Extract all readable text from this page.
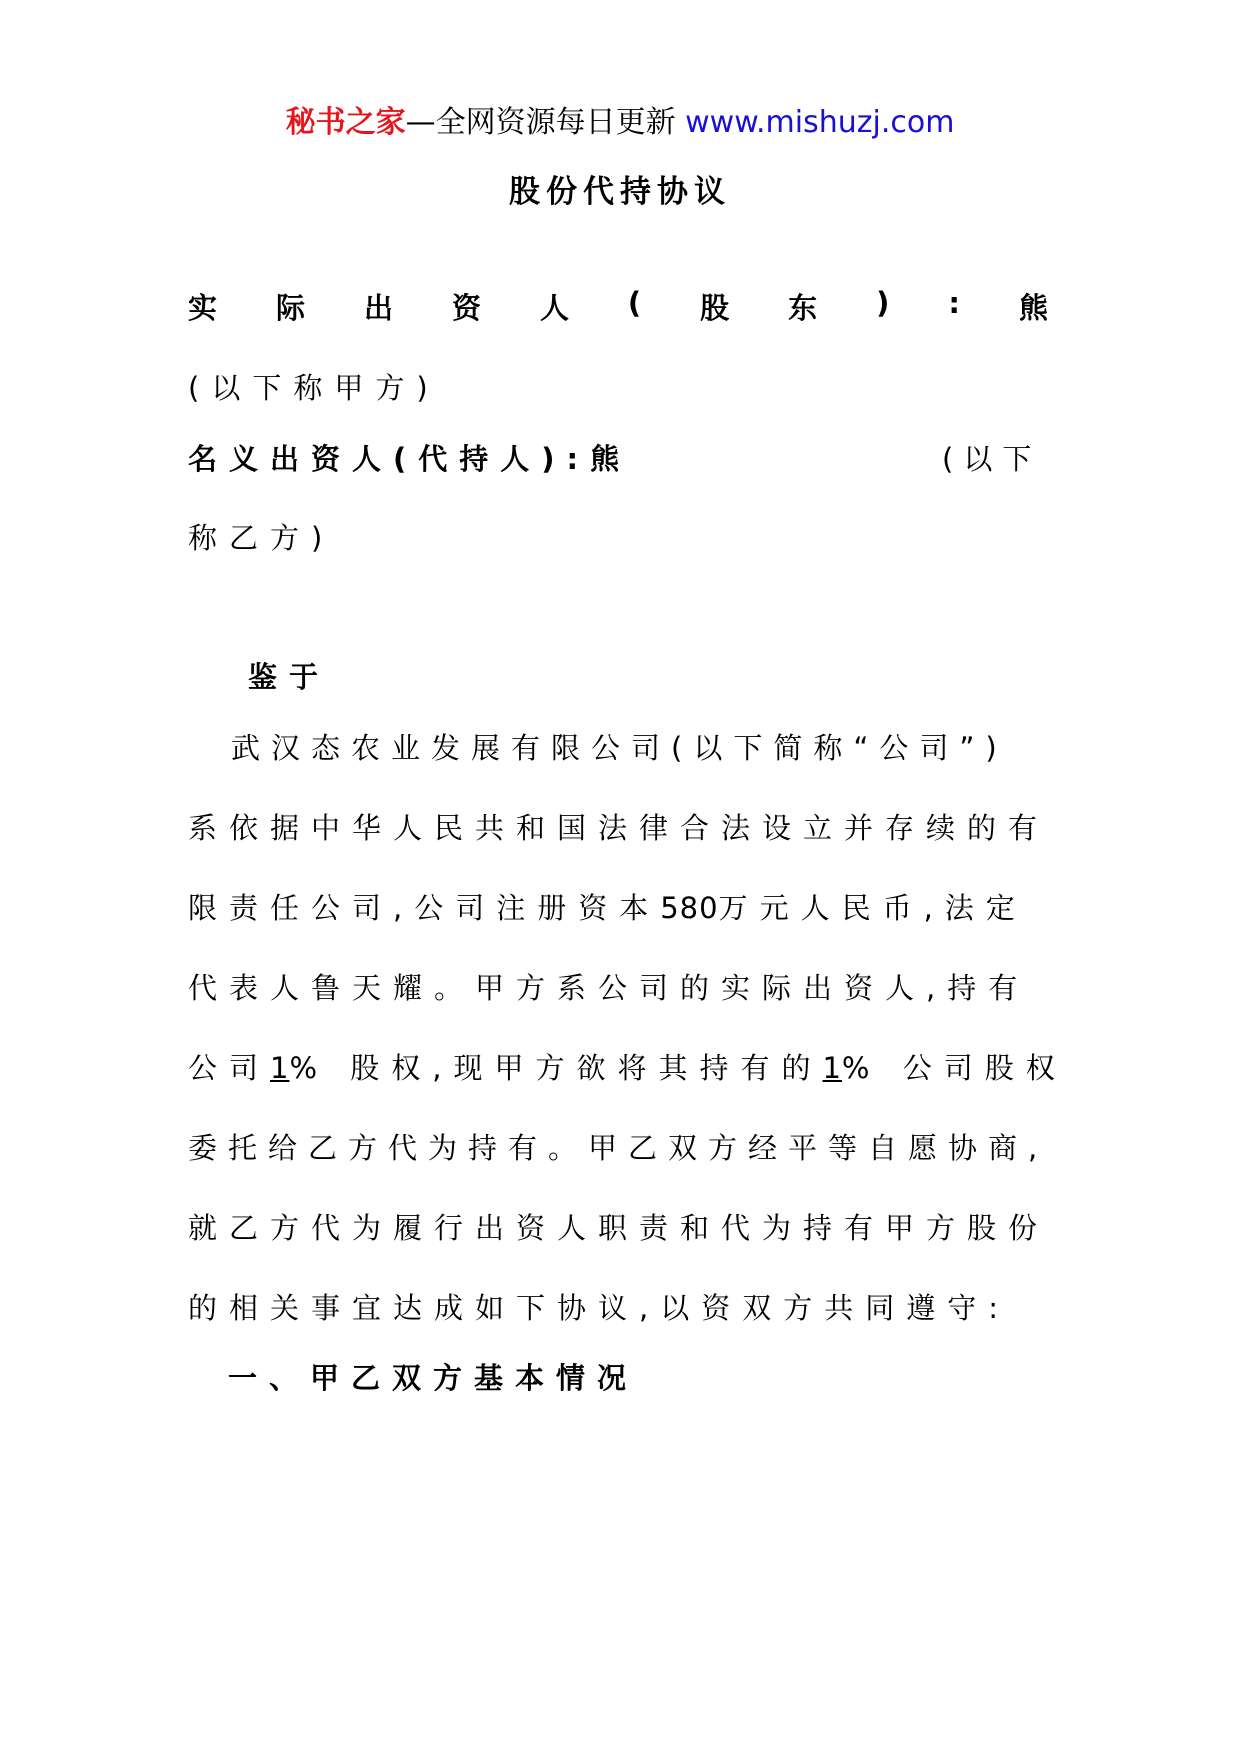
秘书之家—全网资源每日更新 www.mishuzj.com
股份代持协议
实 际 出 资 人 ( 股 东 ) : 熊
(以下称甲方)
名义出资人(代持人):熊	(以下
称乙方)
鉴于
武汉态农业发展有限公司(以下简称“公司”)
系依据中华人民共和国法律合法设立并存续的有
限责任公司,公司注册资本580万元人民币,法定
代表人鲁天耀。甲方系公司的实际出资人,持有
公司1% 股权,现甲方欲将其持有的1% 公司股权
委托给乙方代为持有。甲乙双方经平等自愿协商,
就乙方代为履行出资人职责和代为持有甲方股份
的相关事宜达成如下协议,以资双方共同遵守:
一、甲乙双方基本情况
